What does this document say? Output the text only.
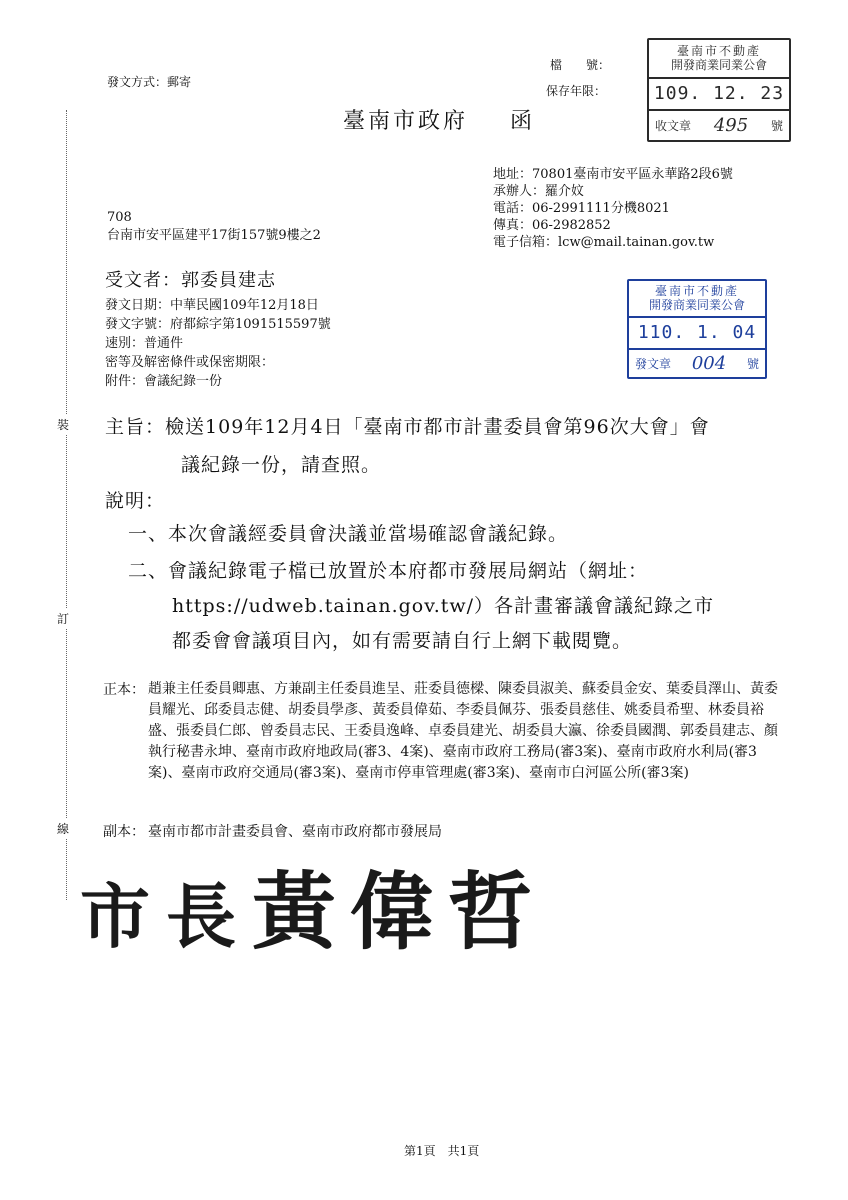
裝
訂
線
發文方式：郵寄
檔　　號：
保存年限：
臺南市政府 函
臺南市不動產
開發商業同業公會
109. 12. 23
收文章 495 號
地址：70801臺南市安平區永華路2段6號
承辦人：羅介妏
電話：06-2991111分機8021
傳真：06-2982852
電子信箱：lcw@mail.tainan.gov.tw
708
台南市安平區建平17街157號9樓之2
受文者：郭委員建志
發文日期：中華民國109年12月18日
發文字號：府都綜字第1091515597號
速別：普通件
密等及解密條件或保密期限：
附件：會議紀錄一份
臺南市不動產
開發商業同業公會
110. 1. 04
發文章 004 號
主旨：檢送109年12月4日「臺南市都市計畫委員會第96次大會」會
議紀錄一份，請查照。
說明：
一、本次會議經委員會決議並當場確認會議紀錄。
二、會議紀錄電子檔已放置於本府都市發展局網站（網址：
https://udweb.tainan.gov.tw/）各計畫審議會議紀錄之市
都委會會議項目內，如有需要請自行上網下載閱覽。
正本： 趙兼主任委員卿惠、方兼副主任委員進呈、莊委員德樑、陳委員淑美、蘇委員金安、葉委員澤山、黃委員耀光、邱委員志健、胡委員學彥、黃委員偉茹、李委員佩芬、張委員慈佳、姚委員希聖、林委員裕盛、張委員仁郎、曾委員志民、王委員逸峰、卓委員建光、胡委員大瀛、徐委員國潤、郭委員建志、顏執行秘書永坤、臺南市政府地政局(審3、4案)、臺南市政府工務局(審3案)、臺南市政府水利局(審3案)、臺南市政府交通局(審3案)、臺南市停車管理處(審3案)、臺南市白河區公所(審3案)
副本： 臺南市都市計畫委員會、臺南市政府都市發展局
市長黃偉哲
第1頁　共1頁
